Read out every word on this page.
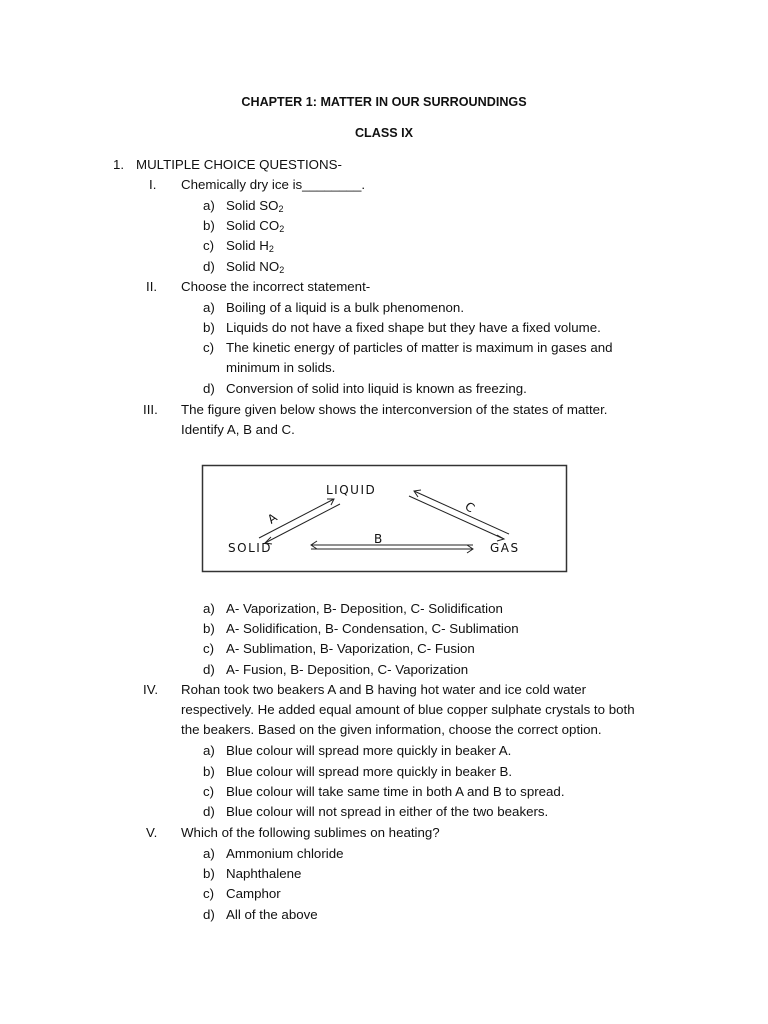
CHAPTER 1: MATTER IN OUR SURROUNDINGS
CLASS IX
1. MULTIPLE CHOICE QUESTIONS-
I.	Chemically dry ice is________.
a) Solid $SO_2$
b) Solid $CO_2$
c) Solid $H_2$
d) Solid $NO_2$
II.	Choose the incorrect statement-
a) Boiling of a liquid is a bulk phenomenon.
b) Liquids do not have a fixed shape but they have a fixed volume.
c) The kinetic energy of particles of matter is maximum in gases and
minimum in solids.
d) Conversion of solid into liquid is known as freezing.
III.	The figure given below shows the interconversion of the states of matter.
Identify A, B and C.
LIQUID
SOLID	GAS
A
B
C
a) A- Vaporization, B- Deposition, C- Solidification
b) A- Solidification, B- Condensation, C- Sublimation
c) A- Sublimation, B- Vaporization, C- Fusion
d) A- Fusion, B- Deposition, C- Vaporization
IV.	Rohan took two beakers A and B having hot water and ice cold water
respectively. He added equal amount of blue copper sulphate crystals to both
the beakers. Based on the given information, choose the correct option.
a) Blue colour will spread more quickly in beaker A.
b) Blue colour will spread more quickly in beaker B.
c) Blue colour will take same time in both A and B to spread.
d) Blue colour will not spread in either of the two beakers.
V.	Which of the following sublimes on heating?
a) Ammonium chloride
b) Naphthalene
c) Camphor
d) All of the above
